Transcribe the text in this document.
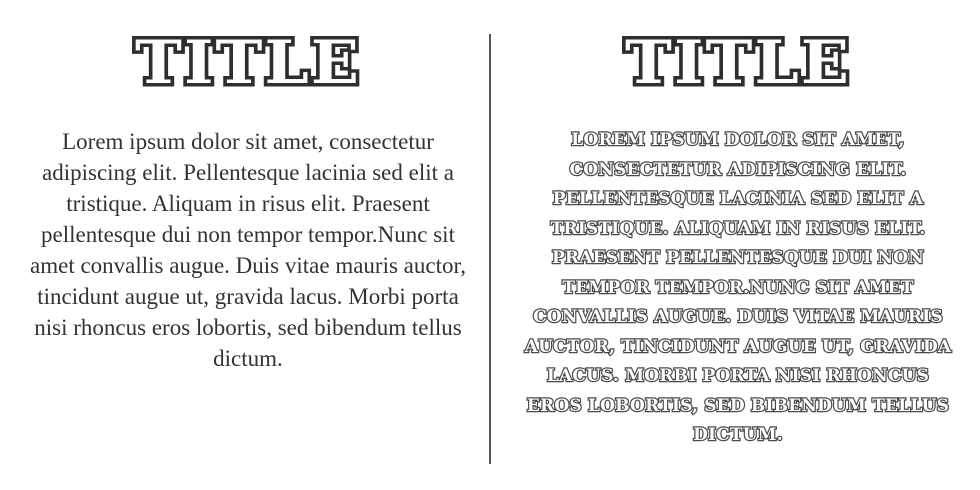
TITLE
Lorem ipsum dolor sit amet, consectetur adipiscing elit. Pellentesque lacinia sed elit a tristique. Aliquam in risus elit. Praesent pellentesque dui non tempor tempor.Nunc sit amet convallis augue. Duis vitae mauris auctor, tincidunt augue ut, gravida lacus. Morbi porta nisi rhoncus eros lobortis, sed bibendum tellus dictum.
TITLE
LOREM IPSUM DOLOR SIT AMET, CONSECTETUR ADIPISCING ELIT. PELLENTESQUE LACINIA SED ELIT A TRISTIQUE. ALIQUAM IN RISUS ELIT. PRAESENT PELLENTESQUE DUI NON TEMPOR TEMPOR.NUNC SIT AMET CONVALLIS AUGUE. DUIS VITAE MAURIS AUCTOR, TINCIDUNT AUGUE UT, GRAVIDA LACUS. MORBI PORTA NISI RHONCUS EROS LOBORTIS, SED BIBENDUM TELLUS DICTUM.
